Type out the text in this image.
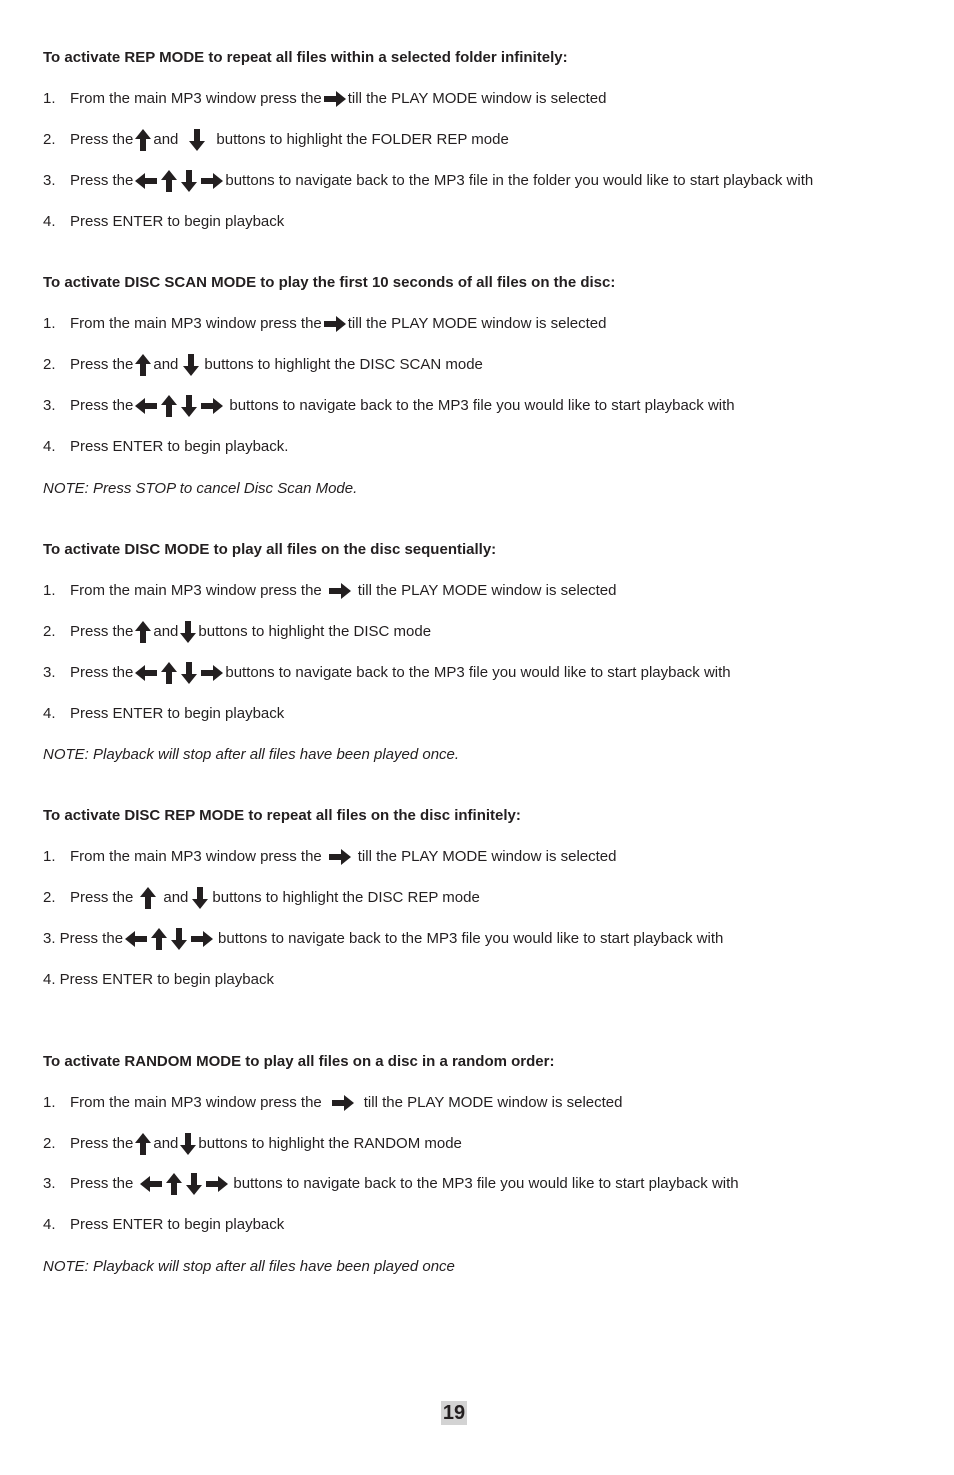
To activate REP MODE to repeat all files within a selected folder infinitely:
1. From the main MP3 window press the till the PLAY MODE window is selected
2. Press the and	buttons to highlight the FOLDER REP mode
3. Press the	buttons to navigate back to the MP3 file in the folder you would like to start playback with
4. Press ENTER to begin playback
To activate DISC SCAN MODE to play the first 10 seconds of all files on the disc:
1. From the main MP3 window press the till the PLAY MODE window is selected
2. Press the and buttons to highlight the DISC SCAN mode
3. Press the	buttons to navigate back to the MP3 file you would like to start playback with
4. Press ENTER to begin playback.
NOTE: Press STOP to cancel Disc Scan Mode.
To activate DISC MODE to play all files on the disc sequentially:
1. From the main MP3 window press the till the PLAY MODE window is selected
2. Press the and buttons to highlight the DISC mode
3. Press the	buttons to navigate back to the MP3 file you would like to start playback with
4. Press ENTER to begin playback
NOTE: Playback will stop after all files have been played once.
To activate DISC REP MODE to repeat all files on the disc infinitely:
1. From the main MP3 window press the till the PLAY MODE window is selected
2. Press the and buttons to highlight the DISC REP mode
3. Press the	buttons to navigate back to the MP3 file you would like to start playback with
4. Press ENTER to begin playback
To activate RANDOM MODE to play all files on a disc in a random order:
1. From the main MP3 window press the	till the PLAY MODE window is selected
2. Press the and buttons to highlight the RANDOM mode
3. Press the	buttons to navigate back to the MP3 file you would like to start playback with
4. Press ENTER to begin playback
NOTE: Playback will stop after all files have been played once
19
